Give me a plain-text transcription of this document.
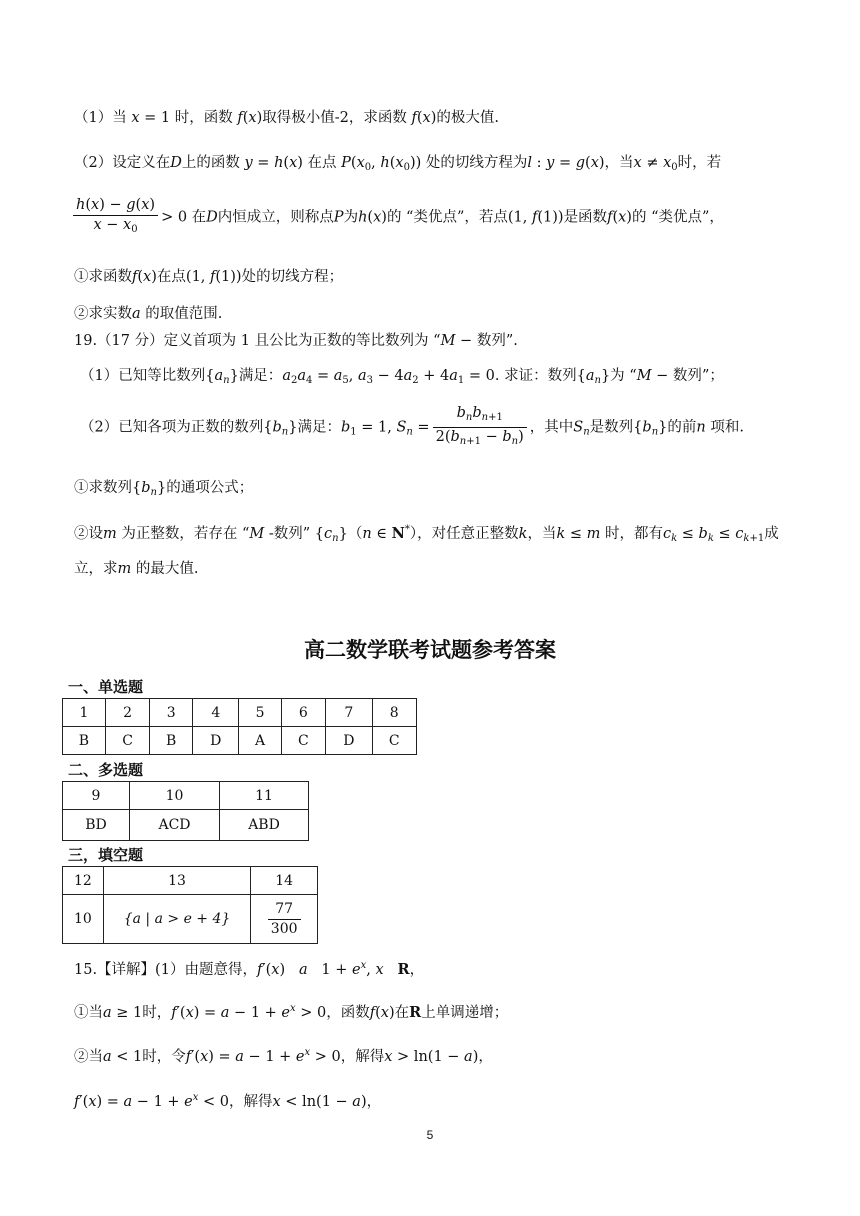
（1）当 x = 1 时，函数 f(x)取得极小值-2，求函数 f(x)的极大值.
（2）设定义在D上的函数 y = h(x) 在点 $P(x_0$, $h(x_0)$) 处的切线方程为l : y = g(x)，当$x \ne x_0$时，若
$\frac{h(x) - g(x)}{x - x_0} > 0$ 在D内恒成立，则称点P为h(x)的 “类优点”，若点(1, f(1))是函数f(x)的 “类优点”，
①求函数f(x)在点(1, f(1))处的切线方程；
②求实数a 的取值范围.
19.（17 分）定义首项为 1 且公比为正数的等比数列为 “M − 数列”.
（1）已知等比数列$\{a_n\}$满足：$a_2a_4 = a_5$, $a_3 - 4a_2 + 4a_1 = 0$. 求证：数列$\{a_n\}$为 “M − 数列”；
（2）已知各项为正数的数列$\{b_n\}$满足：$b_1 = 1$, $S_n = \frac{b_nb_{n+1}}{2(b_{n+1} - b_n)}$ ，其中$S_n$是数列$\{b_n\}$的前n 项和.
①求数列$\{b_n\}$的通项公式；
②设m 为正整数，若存在 “M -数列” $\{c_n\}(n$ ∈ N*），对任意正整数k，当k ≤ m 时，都有$c_k \le b_k \le c_{k+1}$成
立，求m 的最大值.
高二数学联考试题参考答案
一、单选题
1	2	3	4	5	6	7	8
B	C	B	D	A	C	D	C
二、多选题
9	10	11
BD	ACD	ABD
三，填空题
12	13	14
10	{a | a > e + 4}	$\frac{77}{300}$
15.【详解】(1）由题意得，f′(x)   a   $1 + e^x$, x R，
①当a ≥ 1时，$f'(x) = a - 1 + e^x > 0$，函数f(x)在R上单调递增；
②当a < 1时，令$f'(x) = a - 1 + e^x > 0$，解得x > ln(1 − a)，
$f'(x) = a - 1 + e^x < 0$，解得x < ln(1 − a)，
5
